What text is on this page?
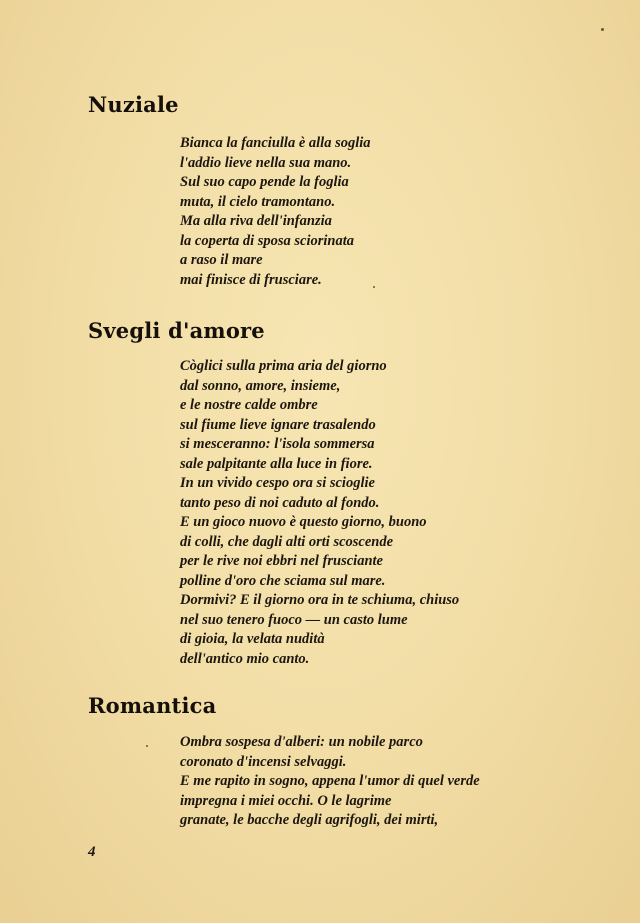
Nuziale
Bianca la fanciulla è alla soglia
l'addio lieve nella sua mano.
Sul suo capo pende la foglia
muta, il cielo tramontano.
Ma alla riva dell'infanzia
la coperta di sposa sciorinata
a raso il mare
mai finisce di frusciare.
Svegli d'amore
Còglici sulla prima aria del giorno
dal sonno, amore, insieme,
e le nostre calde ombre
sul fiume lieve ignare trasalendo
si mesceranno: l'isola sommersa
sale palpitante alla luce in fiore.
In un vivido cespo ora si scioglie
tanto peso di noi caduto al fondo.
E un gioco nuovo è questo giorno, buono
di colli, che dagli alti orti scoscende
per le rive noi ebbri nel frusciante
polline d'oro che sciama sul mare.
Dormivi? E il giorno ora in te schiuma, chiuso
nel suo tenero fuoco — un casto lume
di gioia, la velata nudità
dell'antico mio canto.
Romantica
Ombra sospesa d'alberi: un nobile parco
coronato d'incensi selvaggi.
E me rapito in sogno, appena l'umor di quel verde
impregna i miei occhi. O le lagrime
granate, le bacche degli agrifogli, dei mirti,
4
